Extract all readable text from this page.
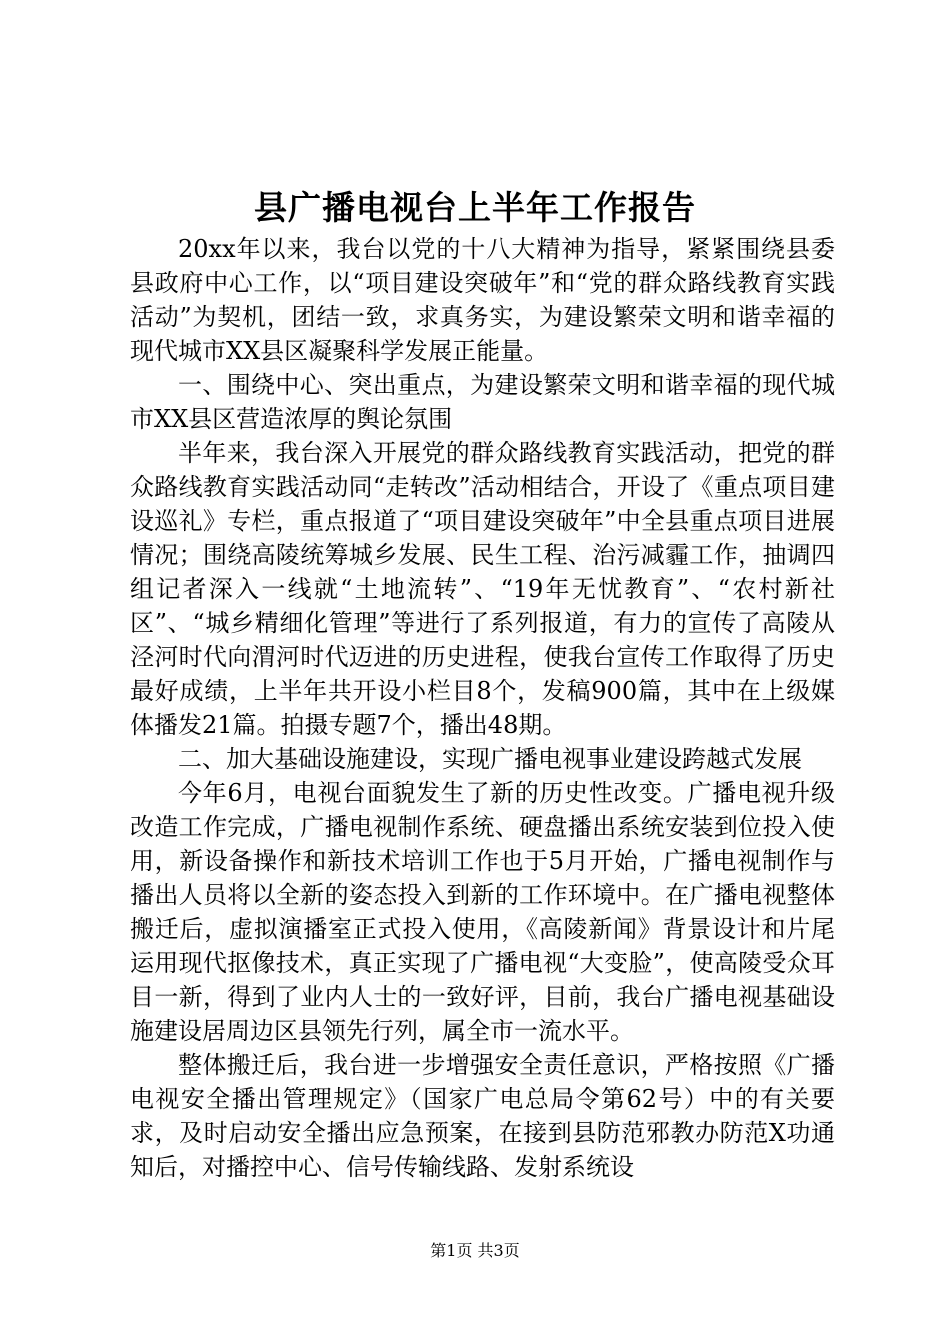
县广播电视台上半年工作报告

20xx年以来，我台以党的十八大精神为指导，紧紧围绕县委县政府中心工作，以“项目建设突破年”和“党的群众路线教育实践活动”为契机，团结一致，求真务实，为建设繁荣文明和谐幸福的现代城市XX县区凝聚科学发展正能量。

一、围绕中心、突出重点，为建设繁荣文明和谐幸福的现代城市XX县区营造浓厚的舆论氛围

半年来，我台深入开展党的群众路线教育实践活动，把党的群众路线教育实践活动同“走转改”活动相结合，开设了《重点项目建设巡礼》专栏，重点报道了“项目建设突破年”中全县重点项目进展情况；围绕高陵统筹城乡发展、民生工程、治污减霾工作，抽调四组记者深入一线就“土地流转”、“19年无忧教育”、“农村新社区”、“城乡精细化管理”等进行了系列报道，有力的宣传了高陵从泾河时代向渭河时代迈进的历史进程，使我台宣传工作取得了历史最好成绩，上半年共开设小栏目8个，发稿900篇，其中在上级媒体播发21篇。拍摄专题7个，播出48期。

二、加大基础设施建设，实现广播电视事业建设跨越式发展

今年6月，电视台面貌发生了新的历史性改变。广播电视升级改造工作完成，广播电视制作系统、硬盘播出系统安装到位投入使用，新设备操作和新技术培训工作也于5月开始，广播电视制作与播出人员将以全新的姿态投入到新的工作环境中。在广播电视整体搬迁后，虚拟演播室正式投入使用，《高陵新闻》背景设计和片尾运用现代抠像技术，真正实现了广播电视“大变脸”，使高陵受众耳目一新，得到了业内人士的一致好评，目前，我台广播电视基础设施建设居周边区县领先行列，属全市一流水平。

整体搬迁后，我台进一步增强安全责任意识，严格按照《广播电视安全播出管理规定》（国家广电总局令第62号）中的有关要求，及时启动安全播出应急预案，在接到县防范邪教办防范X功通知后，对播控中心、信号传输线路、发射系统设

第1页 共3页
